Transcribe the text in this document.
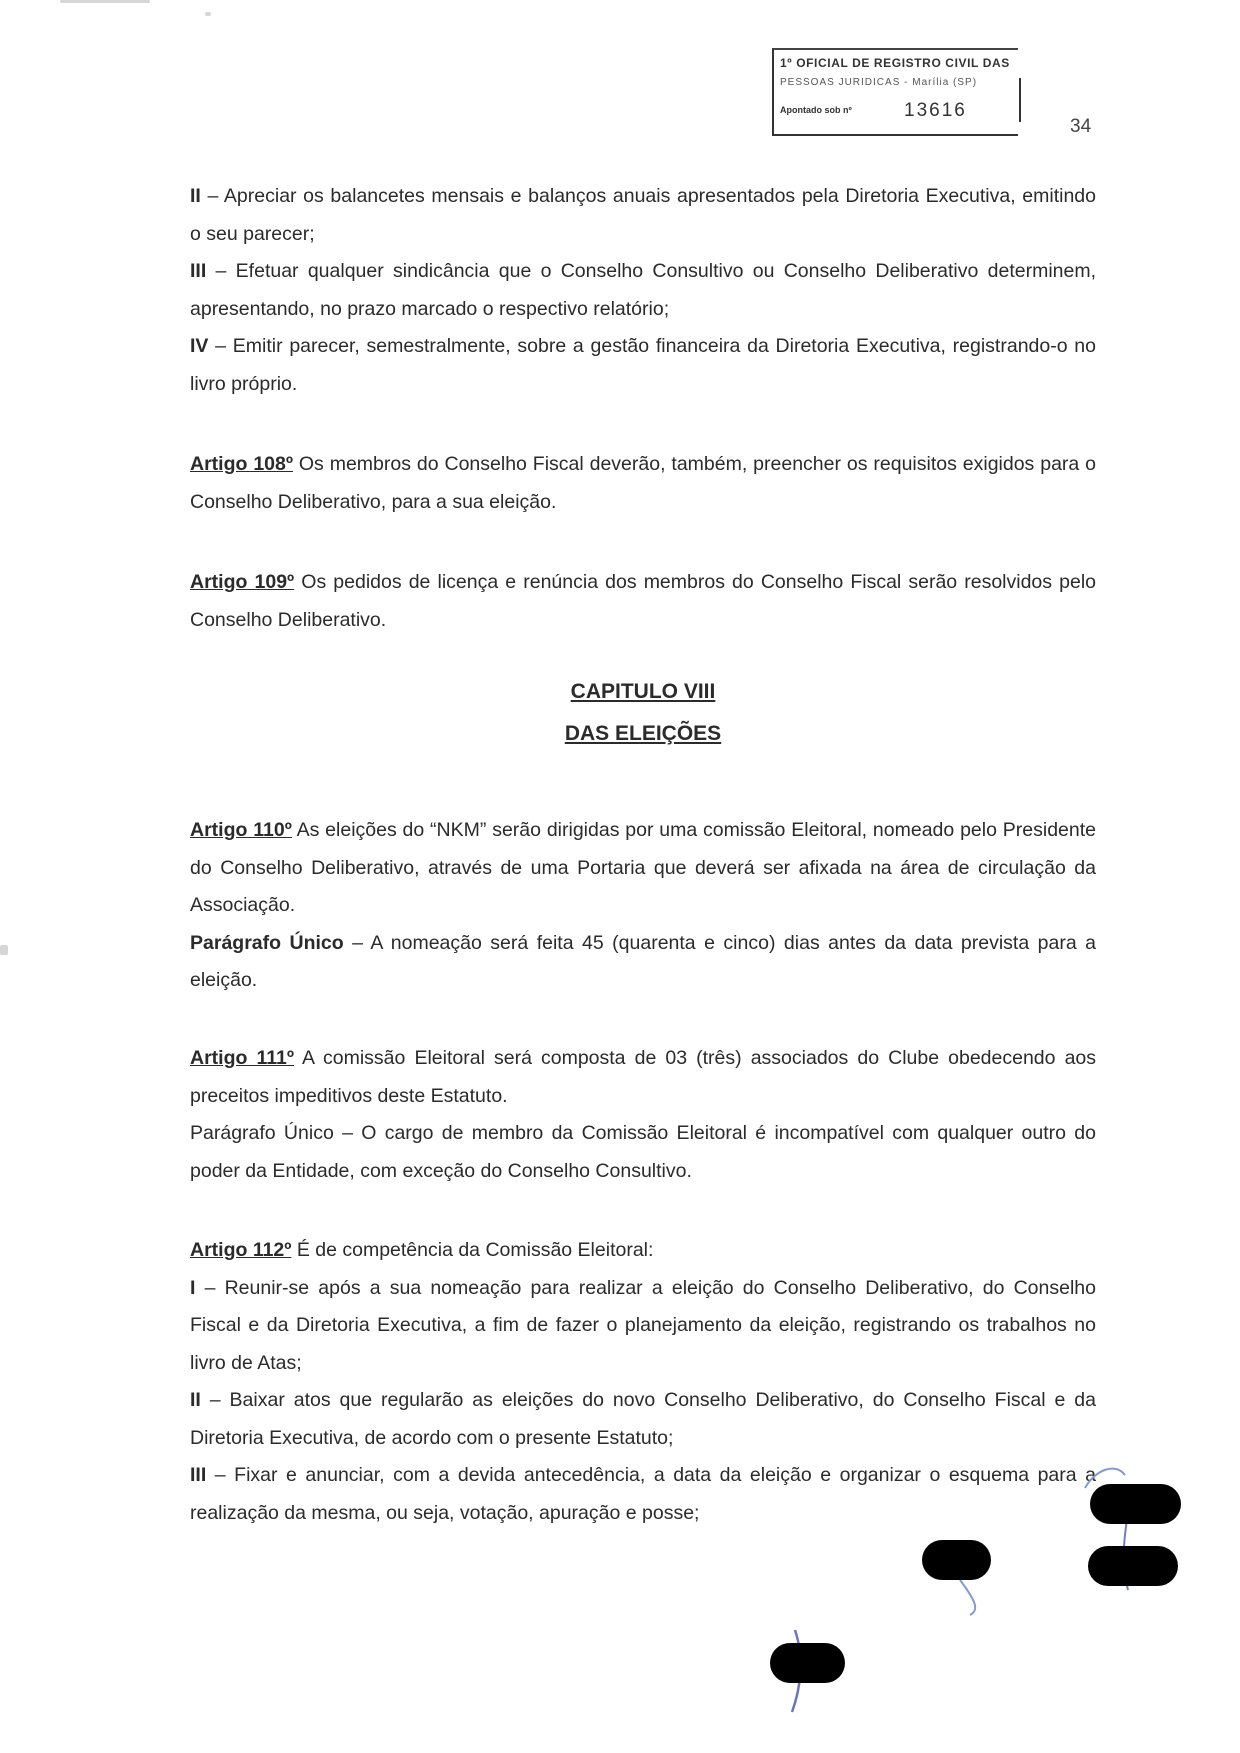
1º OFICIAL DE REGISTRO CIVIL DAS
PESSOAS JURIDICAS - Marília (SP)
Apontado sob nº	13616
34

II – Apreciar os balancetes mensais e balanços anuais apresentados pela Diretoria Executiva, emitindo o seu parecer;

III – Efetuar qualquer sindicância que o Conselho Consultivo ou Conselho Deliberativo determinem, apresentando, no prazo marcado o respectivo relatório;

IV – Emitir parecer, semestralmente, sobre a gestão financeira da Diretoria Executiva, registrando-o no livro próprio.

Artigo 108º Os membros do Conselho Fiscal deverão, também, preencher os requisitos exigidos para o Conselho Deliberativo, para a sua eleição.

Artigo 109º Os pedidos de licença e renúncia dos membros do Conselho Fiscal serão resolvidos pelo Conselho Deliberativo.

CAPITULO VIII
DAS ELEIÇÕES

Artigo 110º As eleições do “NKM” serão dirigidas por uma comissão Eleitoral, nomeado pelo Presidente do Conselho Deliberativo, através de uma Portaria que deverá ser afixada na área de circulação da Associação.

Parágrafo Único – A nomeação será feita 45 (quarenta e cinco) dias antes da data prevista para a eleição.

Artigo 111º A comissão Eleitoral será composta de 03 (três) associados do Clube obedecendo aos preceitos impeditivos deste Estatuto.

Parágrafo Único – O cargo de membro da Comissão Eleitoral é incompatível com qualquer outro do poder da Entidade, com exceção do Conselho Consultivo.

Artigo 112º É de competência da Comissão Eleitoral:

I – Reunir-se após a sua nomeação para realizar a eleição do Conselho Deliberativo, do Conselho Fiscal e da Diretoria Executiva, a fim de fazer o planejamento da eleição, registrando os trabalhos no livro de Atas;

II – Baixar atos que regularão as eleições do novo Conselho Deliberativo, do Conselho Fiscal e da Diretoria Executiva, de acordo com o presente Estatuto;

III – Fixar e anunciar, com a devida antecedência, a data da eleição e organizar o esquema para a realização da mesma, ou seja, votação, apuração e posse;
